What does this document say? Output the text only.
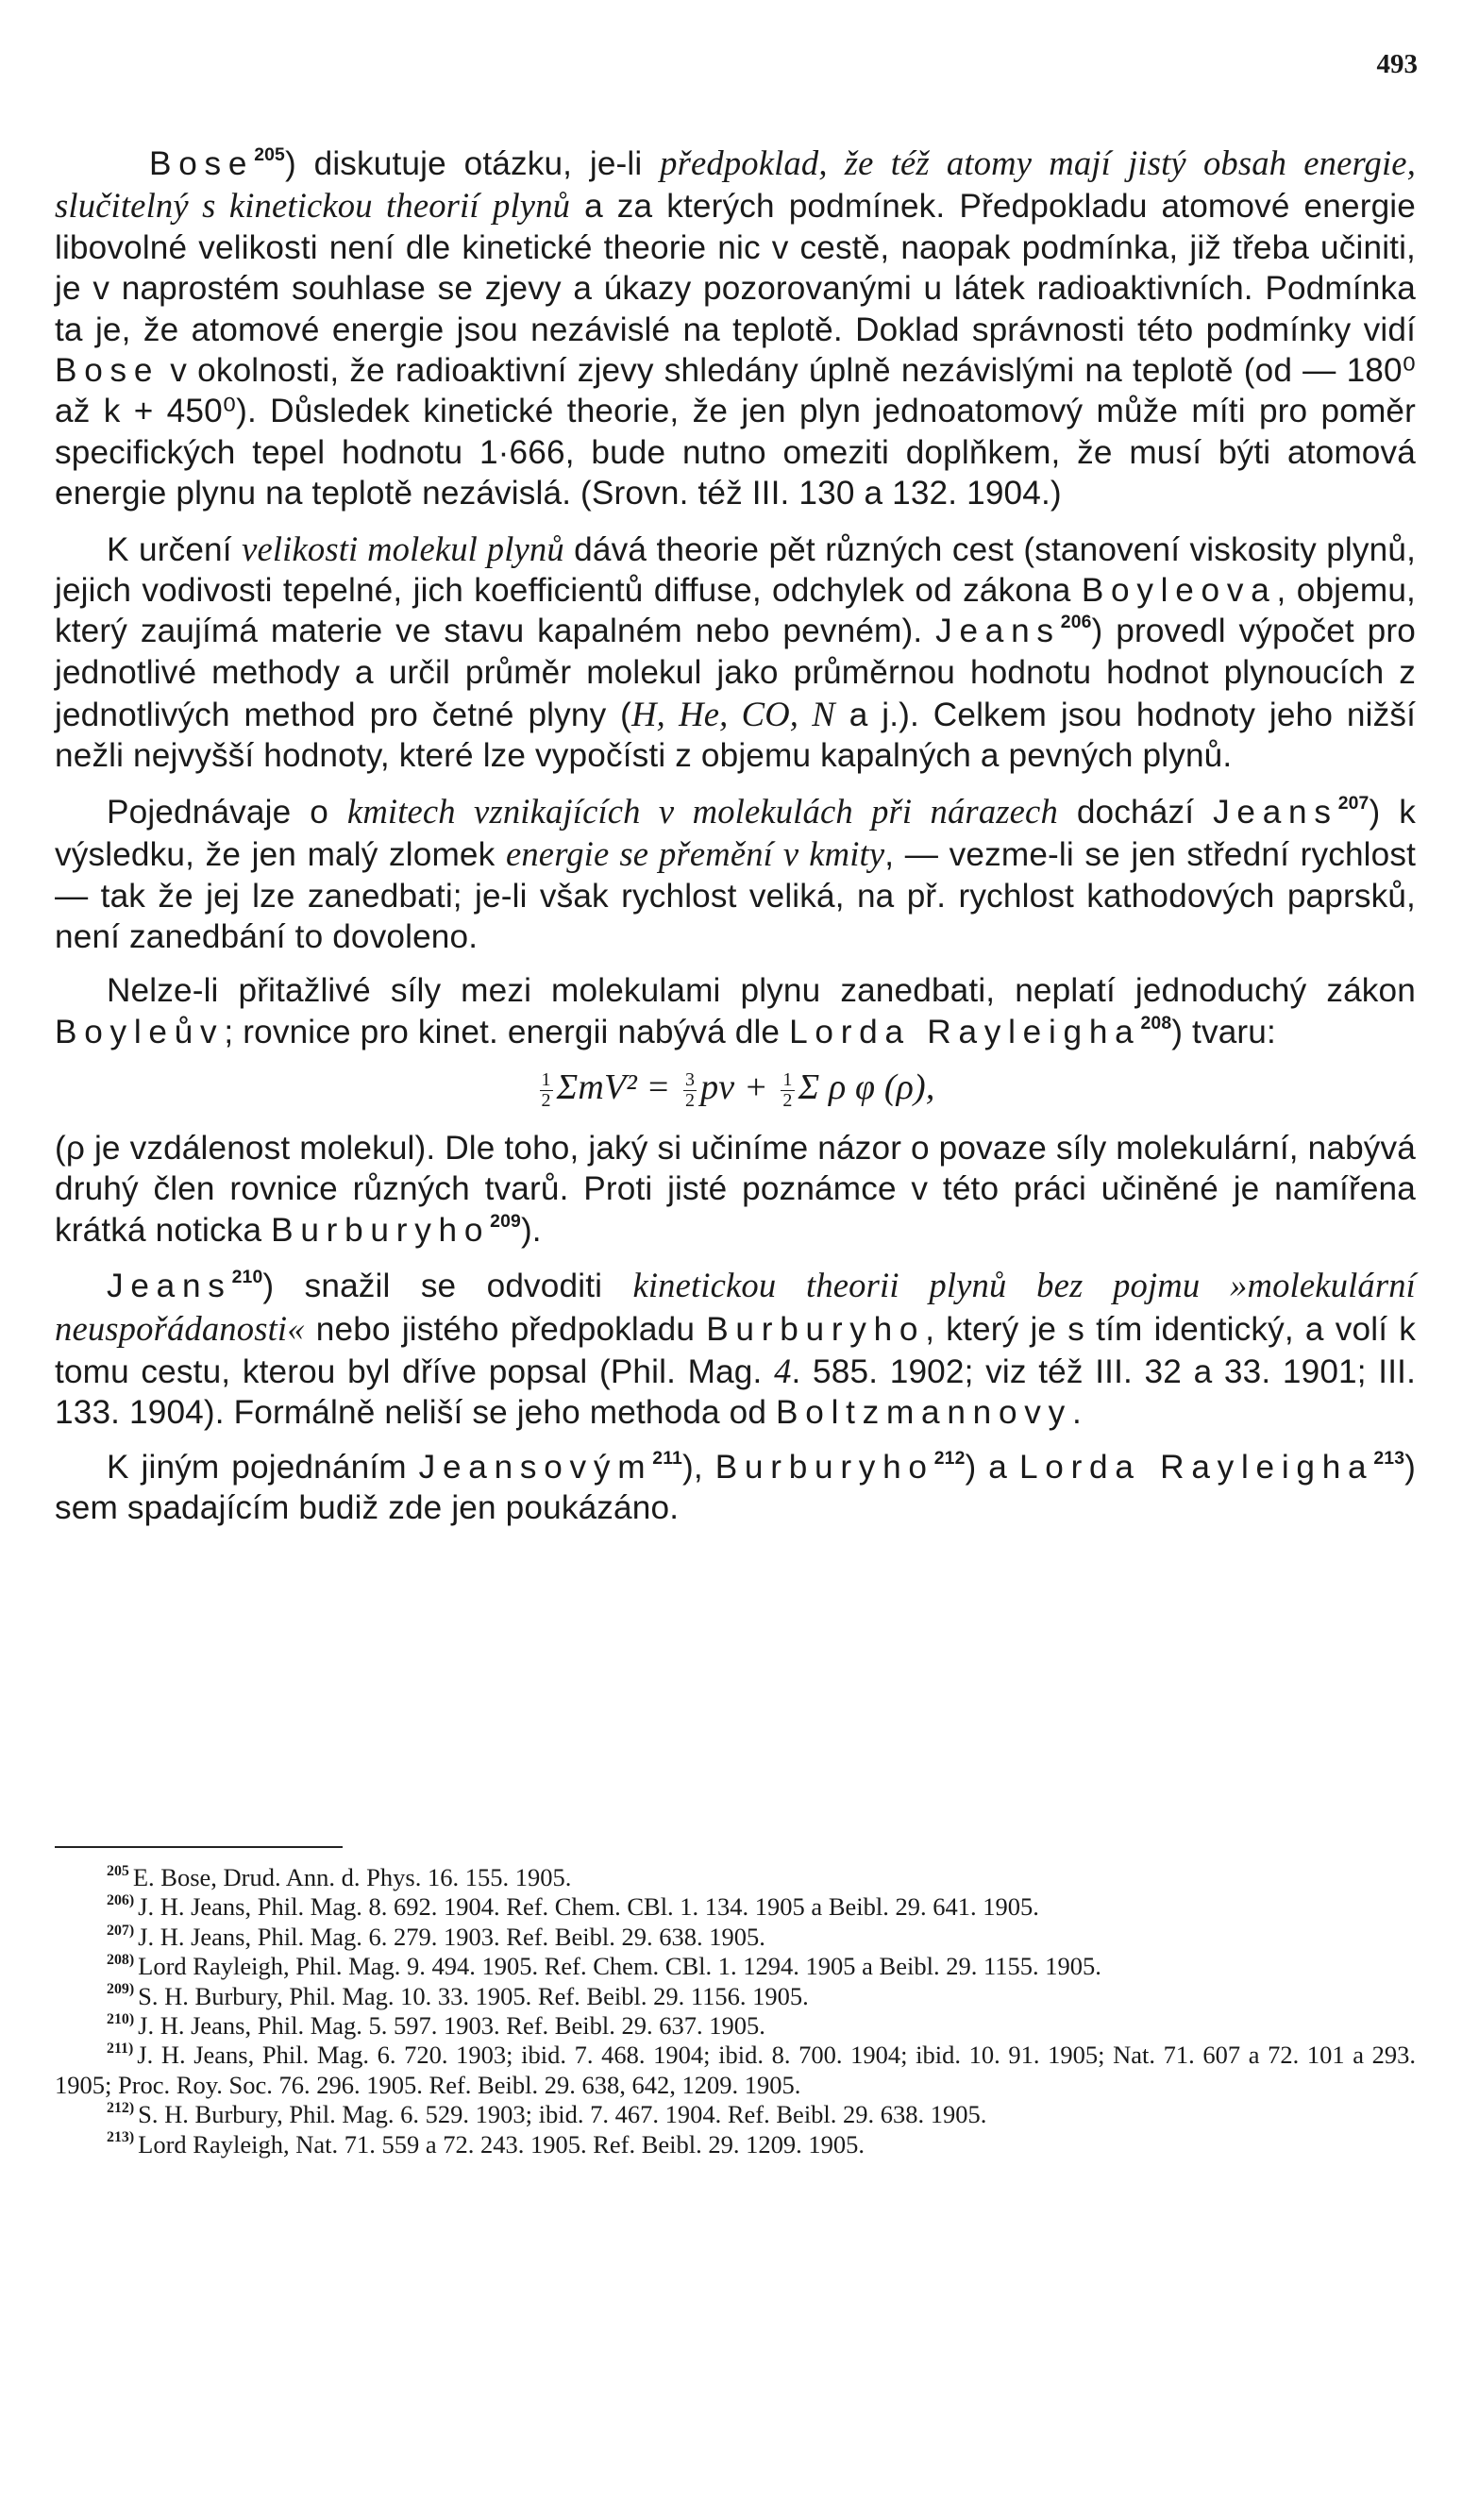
493

Bose$^{205}$) diskutuje otázku, je-li předpoklad, že též atomy mají jistý obsah energie, slučitelný s kinetickou theorií plynů a za kterých podmínek. Předpokladu atomové energie libovolné velikosti není dle kinetické theorie nic v cestě, naopak podmínka, již třeba učiniti, je v naprostém souhlase se zjevy a úkazy pozorovanými u látek radioaktivních. Podmínka ta je, že atomové energie jsou nezávislé na teplotě. Doklad správnosti této podmínky vidí Bose v okolnosti, že radioaktivní zjevy shledány úplně nezávislými na teplotě (od — 180⁰ až k + 450⁰). Důsledek kinetické theorie, že jen plyn jednoatomový může míti pro poměr specifických tepel hodnotu 1·666, bude nutno omeziti doplňkem, že musí býti atomová energie plynu na teplotě nezávislá. (Srovn. též III. 130 a 132. 1904.)

K určení velikosti molekul plynů dává theorie pět různých cest (stanovení viskosity plynů, jejich vodivosti tepelné, jich koefficientů diffuse, odchylek od zákona Boyleova, objemu, který zaujímá materie ve stavu kapalném nebo pevném). Jeans$^{206}$) provedl výpočet pro jednotlivé methody a určil průměr molekul jako průměrnou hodnotu hodnot plynoucích z jednotlivých method pro četné plyny (H, He, CO, N a j.). Celkem jsou hodnoty jeho nižší nežli nejvyšší hodnoty, které lze vypočísti z objemu kapalných a pevných plynů.

Pojednávaje o kmitech vznikajících v molekulách při nárazech dochází Jeans$^{207}$) k výsledku, že jen malý zlomek energie se přemění v kmity, — vezme-li se jen střední rychlost — tak že jej lze zanedbati; je-li však rychlost veliká, na př. rychlost kathodových paprsků, není zanedbání to dovoleno.

Nelze-li přitažlivé síly mezi molekulami plynu zanedbati, neplatí jednoduchý zákon Boyleův; rovnice pro kinet. energii nabývá dle Lorda Rayleigha$^{208}$) tvaru:

$\frac{1}{2} \Sigma mV^2 = \frac{3}{2}$ pv + $\frac{1}{2}$ Σ ρ φ (ρ),

(ρ je vzdálenost molekul). Dle toho, jaký si učiníme názor o povaze síly molekulární, nabývá druhý člen rovnice různých tvarů. Proti jisté poznámce v této práci učiněné je namířena krátká noticka Burburyho$^{209}$).

Jeans$^{210}$) snažil se odvoditi kinetickou theorii plynů bez pojmu »molekulární neuspořádanosti« nebo jistého předpokladu Burburyho, který je s tím identický, a volí k tomu cestu, kterou byl dříve popsal (Phil. Mag. 4. 585. 1902; viz též III. 32 a 33. 1901; III. 133. 1904). Formálně neliší se jeho methoda od Boltzmannovy.

K jiným pojednáním Jeansovým$^{211}$), Burburyho$^{212}$) a Lorda Rayleigha$^{213}$) sem spadajícím budiž zde jen poukázáno.

$^{205}$ E. Bose, Drud. Ann. d. Phys. 16. 155. 1905.

$^{206)}$ J. H. Jeans, Phil. Mag. 8. 692. 1904. Ref. Chem. CBl. 1. 134. 1905 a Beibl. 29. 641. 1905.

$^{207)}$ J. H. Jeans, Phil. Mag. 6. 279. 1903. Ref. Beibl. 29. 638. 1905.

$^{208)}$ Lord Rayleigh, Phil. Mag. 9. 494. 1905. Ref. Chem. CBl. 1. 1294. 1905 a Beibl. 29. 1155. 1905.

$^{209)}$ S. H. Burbury, Phil. Mag. 10. 33. 1905. Ref. Beibl. 29. 1156. 1905.

$^{210)}$ J. H. Jeans, Phil. Mag. 5. 597. 1903. Ref. Beibl. 29. 637. 1905.

$^{211)}$ J. H. Jeans, Phil. Mag. 6. 720. 1903; ibid. 7. 468. 1904; ibid. 8. 700. 1904; ibid. 10. 91. 1905; Nat. 71. 607 a 72. 101 a 293. 1905; Proc. Roy. Soc. 76. 296. 1905. Ref. Beibl. 29. 638, 642, 1209. 1905.

$^{212)}$ S. H. Burbury, Phil. Mag. 6. 529. 1903; ibid. 7. 467. 1904. Ref. Beibl. 29. 638. 1905.

$^{213)}$ Lord Rayleigh, Nat. 71. 559 a 72. 243. 1905. Ref. Beibl. 29. 1209. 1905.
